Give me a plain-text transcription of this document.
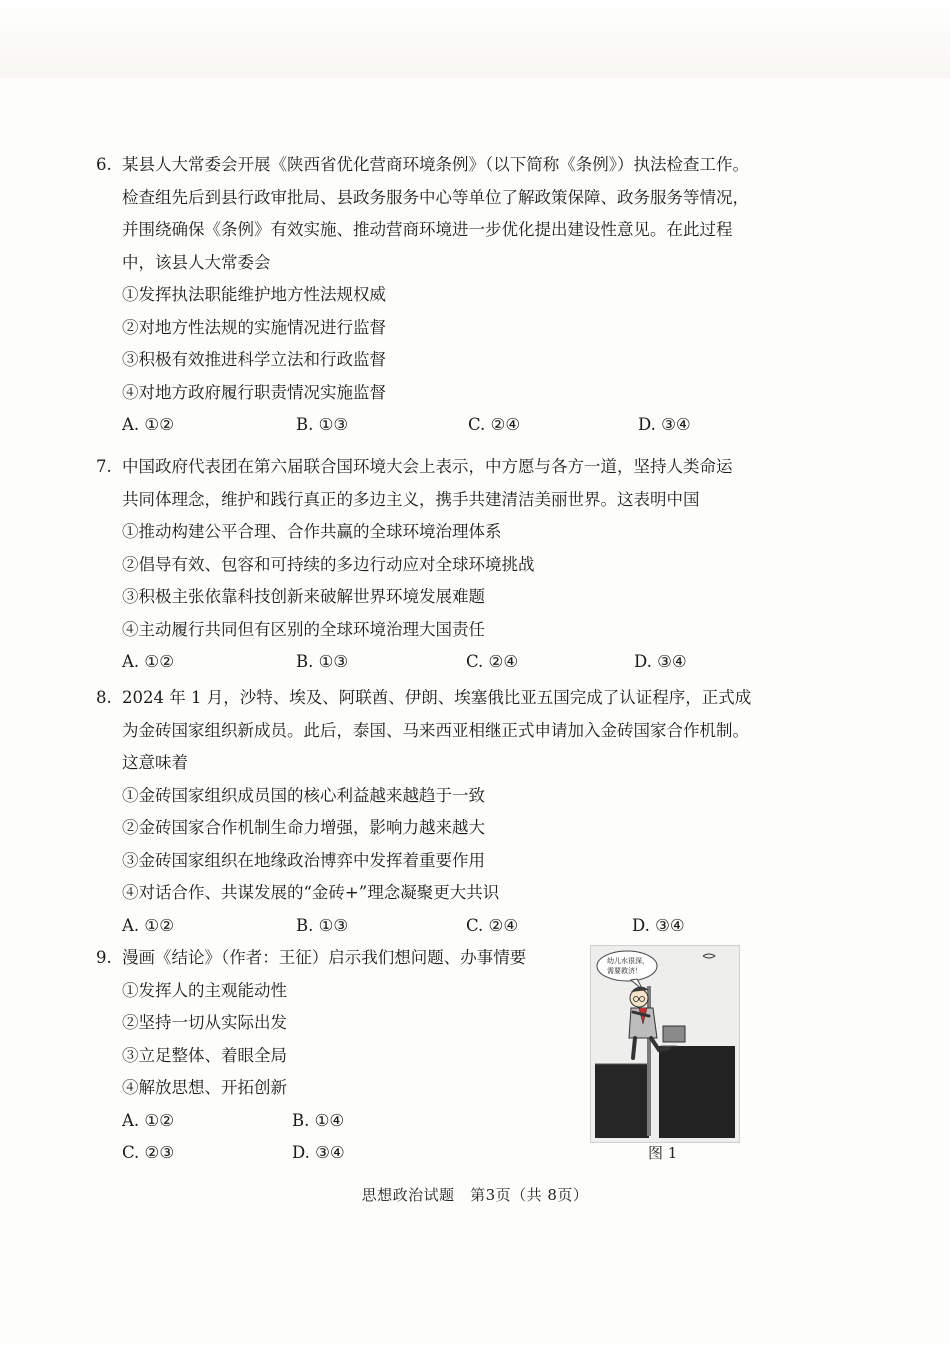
6. 某县人大常委会开展《陕西省优化营商环境条例》（以下简称《条例》）执法检查工作。
检查组先后到县行政审批局、县政务服务中心等单位了解政策保障、政务服务等情况，
并围绕确保《条例》有效实施、推动营商环境进一步优化提出建设性意见。在此过程
中，该县人大常委会
①发挥执法职能维护地方性法规权威
②对地方性法规的实施情况进行监督
③积极有效推进科学立法和行政监督
④对地方政府履行职责情况实施监督
A. ①②	B. ①③	C. ②④	D. ③④
7. 中国政府代表团在第六届联合国环境大会上表示，中方愿与各方一道，坚持人类命运
共同体理念，维护和践行真正的多边主义，携手共建清洁美丽世界。这表明中国
①推动构建公平合理、合作共赢的全球环境治理体系
②倡导有效、包容和可持续的多边行动应对全球环境挑战
③积极主张依靠科技创新来破解世界环境发展难题
④主动履行共同但有区别的全球环境治理大国责任
A. ①②	B. ①③	C. ②④	D. ③④
8. 2024 年 1 月，沙特、埃及、阿联酋、伊朗、埃塞俄比亚五国完成了认证程序，正式成
为金砖国家组织新成员。此后，泰国、马来西亚相继正式申请加入金砖国家合作机制。
这意味着
①金砖国家组织成员国的核心利益越来越趋于一致
②金砖国家合作机制生命力增强，影响力越来越大
③金砖国家组织在地缘政治博弈中发挥着重要作用
④对话合作、共谋发展的“金砖+”理念凝聚更大共识
A. ①②	B. ①③	C. ②④	D. ③④
9. 漫画《结论》（作者：王征）启示我们想问题、办事情要
①发挥人的主观能动性
②坚持一切从实际出发
③立足整体、着眼全局
④解放思想、开拓创新
A. ①②	B. ①④
C. ②③	D. ③④
幼儿水很深，
需要救济！
图 1
思想政治试题　第3页（共 8页）
